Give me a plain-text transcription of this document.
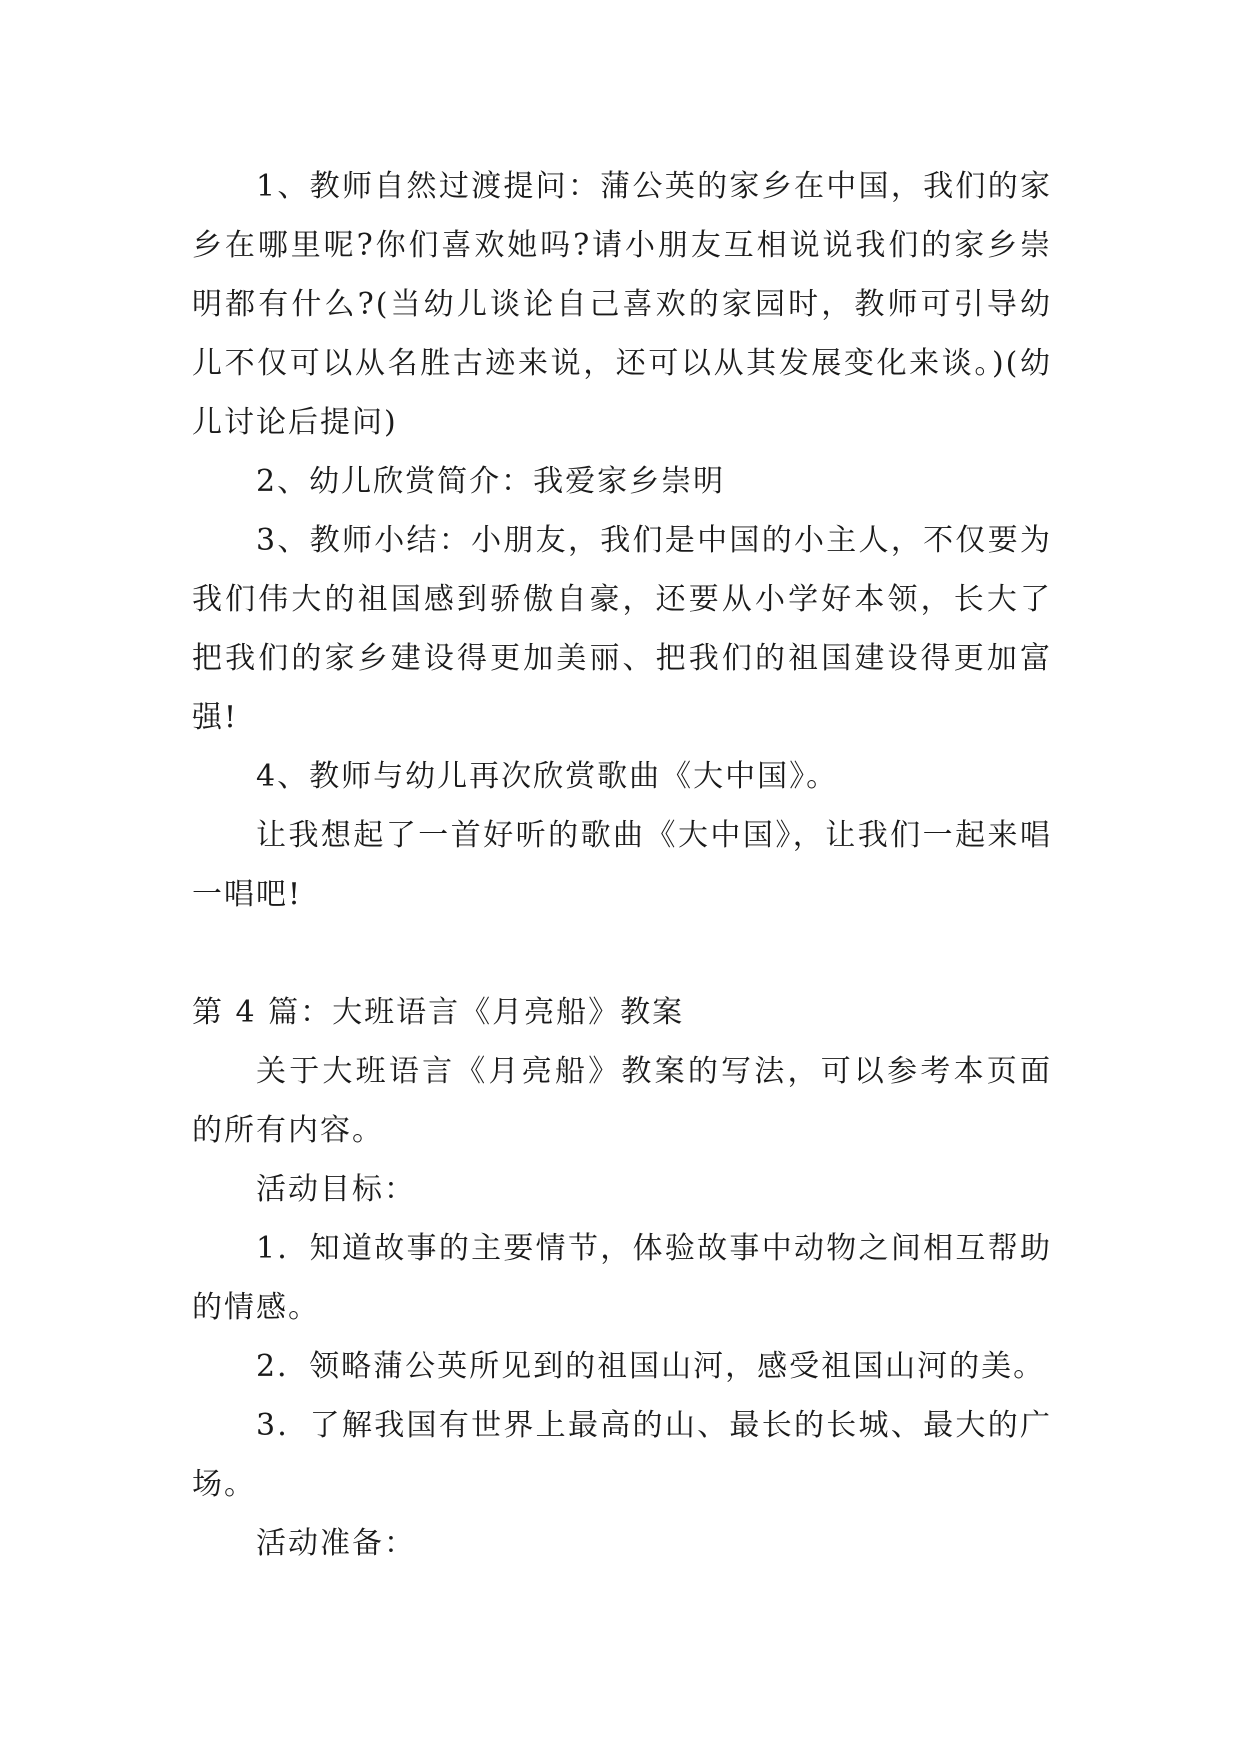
1、教师自然过渡提问：蒲公英的家乡在中国，我们的家乡在哪里呢?你们喜欢她吗?请小朋友互相说说我们的家乡崇明都有什么?(当幼儿谈论自己喜欢的家园时，教师可引导幼儿不仅可以从名胜古迹来说，还可以从其发展变化来谈。)(幼儿讨论后提问)

2、幼儿欣赏简介：我爱家乡崇明

3、教师小结：小朋友，我们是中国的小主人，不仅要为我们伟大的祖国感到骄傲自豪，还要从小学好本领，长大了把我们的家乡建设得更加美丽、把我们的祖国建设得更加富强!

4、教师与幼儿再次欣赏歌曲《大中国》。

让我想起了一首好听的歌曲《大中国》，让我们一起来唱一唱吧!

第 4 篇：大班语言《月亮船》教案

关于大班语言《月亮船》教案的写法，可以参考本页面的所有内容。

活动目标：

1．知道故事的主要情节，体验故事中动物之间相互帮助的情感。

2．领略蒲公英所见到的祖国山河，感受祖国山河的美。

3．了解我国有世界上最高的山、最长的长城、最大的广场。

活动准备：
